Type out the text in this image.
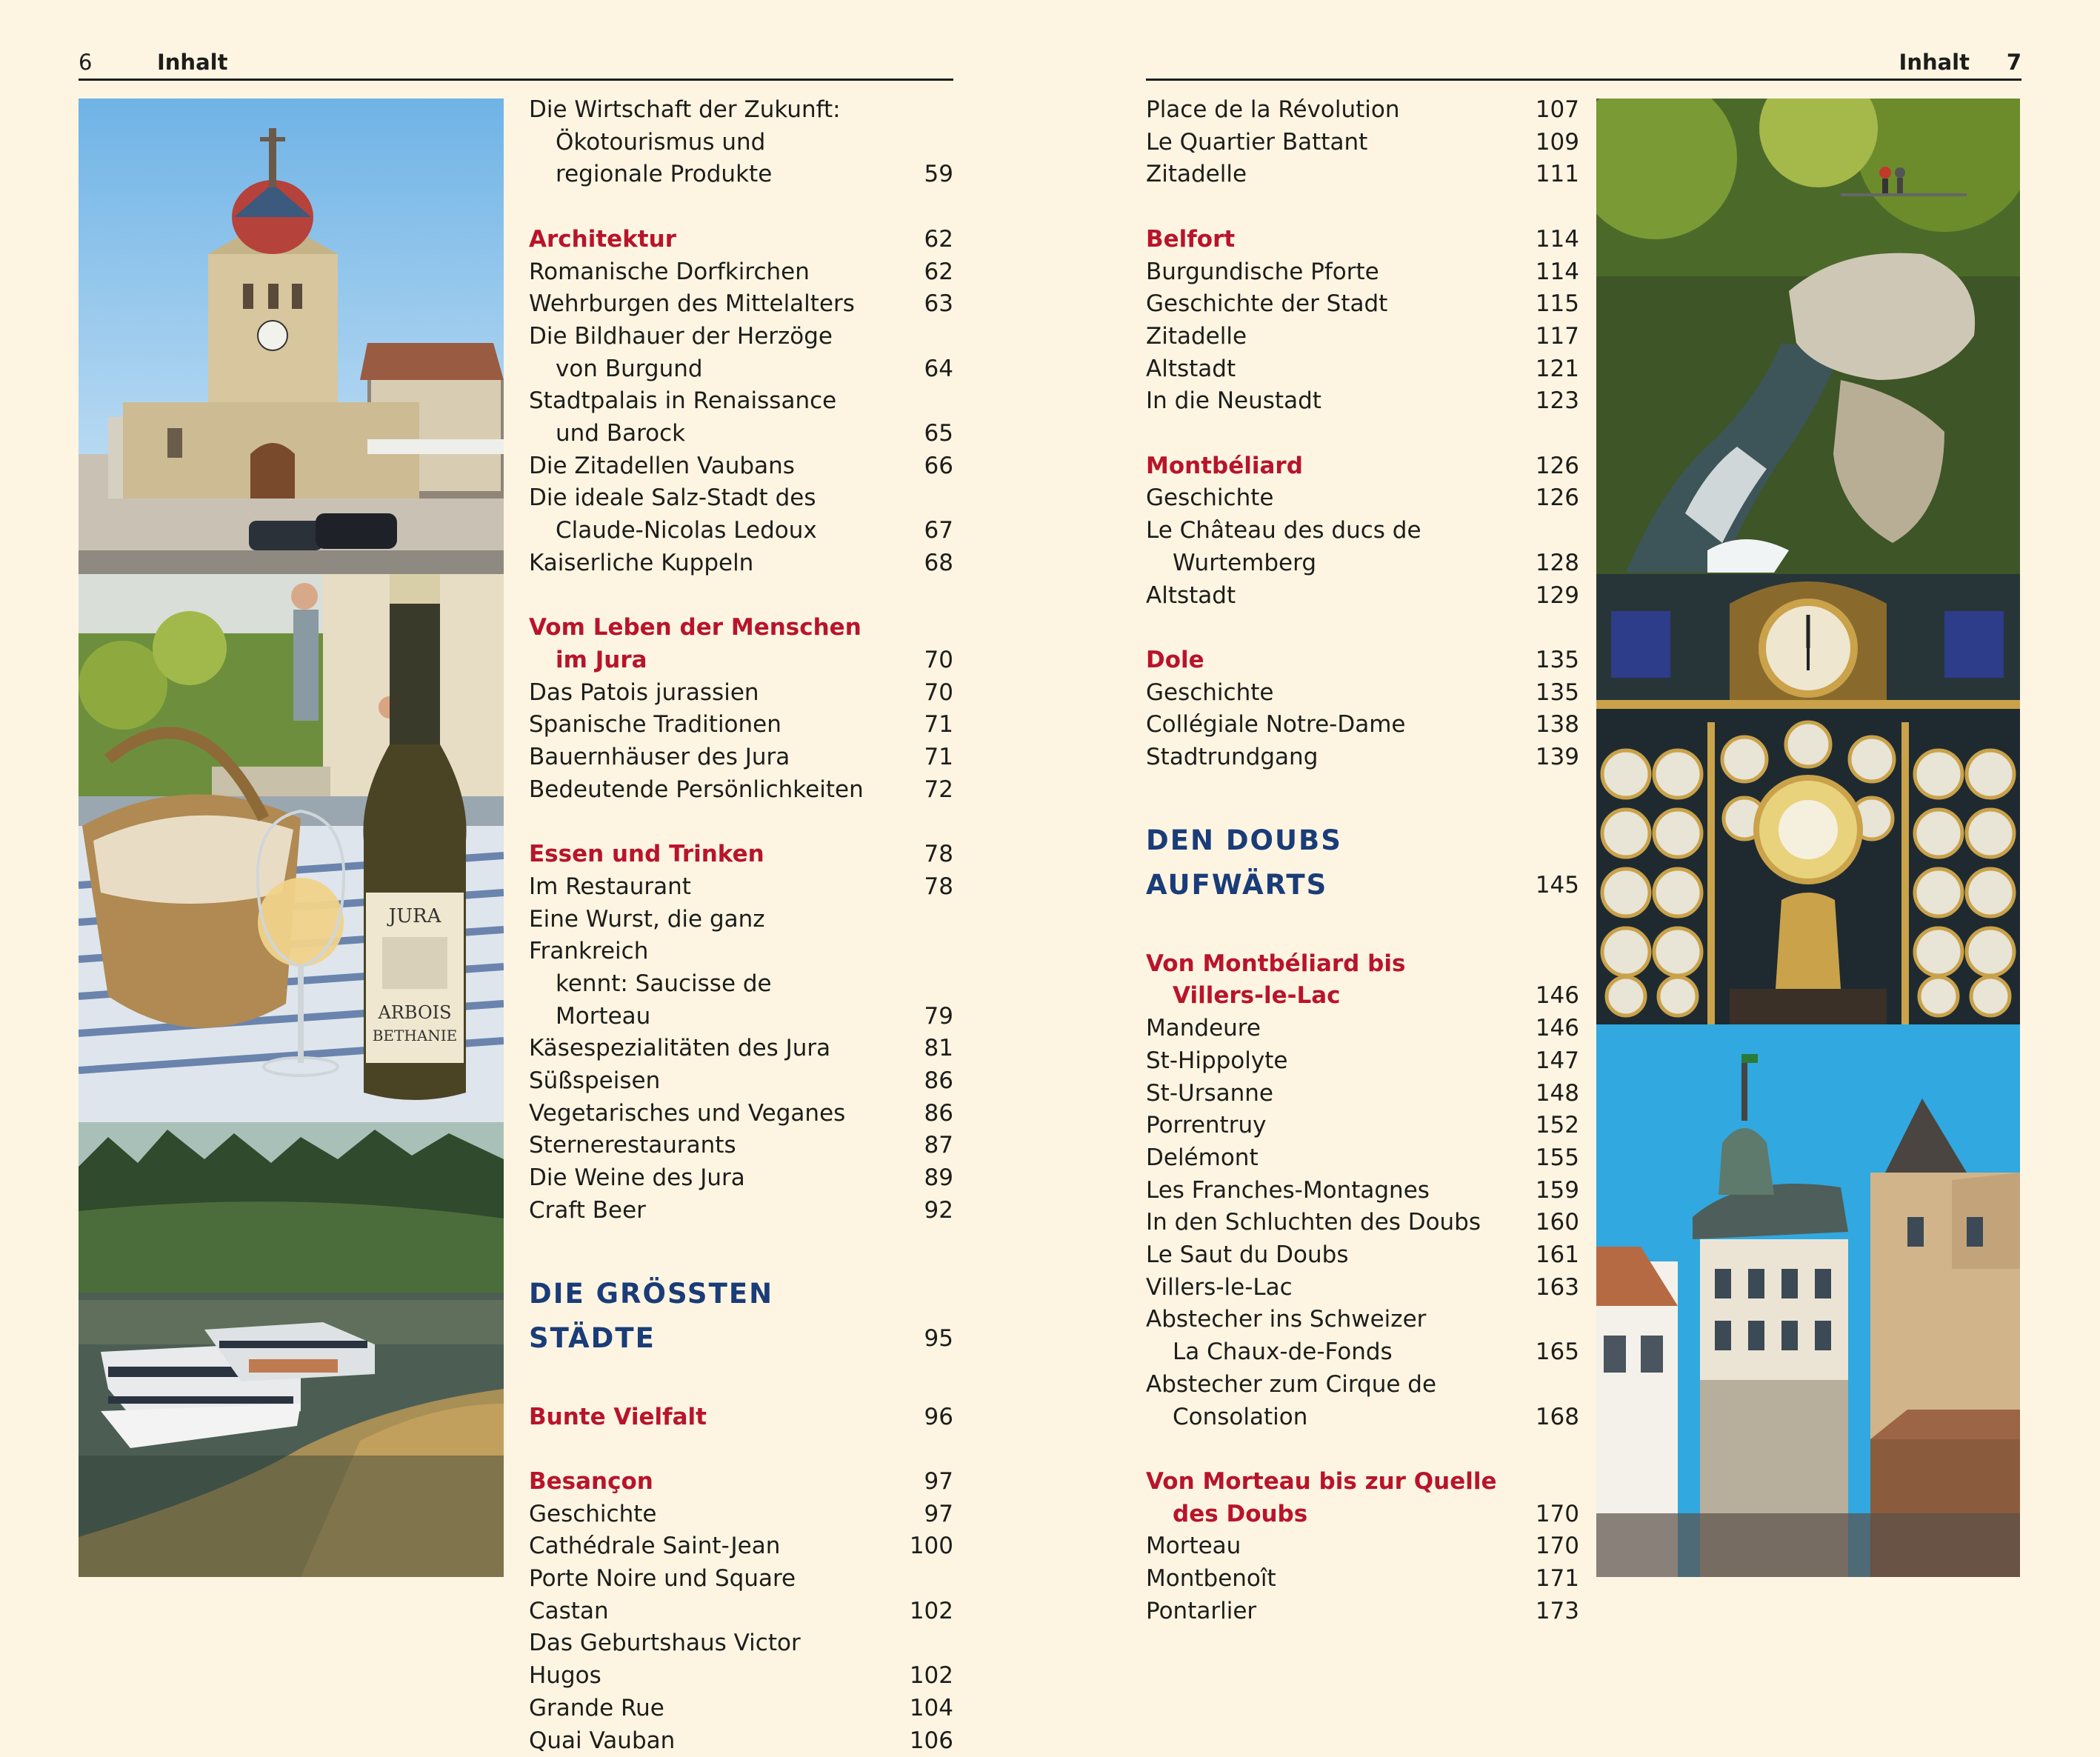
6	Inhalt
JURA
ARBOIS
BETHANIE
Die Wirtschaft der Zukunft:
Ökotourismus und
regionale Produkte	59
Architektur	62
Romanische Dorfkirchen	62
Wehrburgen des Mittelalters	63
Die Bildhauer der Herzöge
von Burgund	64
Stadtpalais in Renaissance
und Barock	65
Die Zitadellen Vaubans	66
Die ideale Salz-Stadt des
Claude-Nicolas Ledoux	67
Kaiserliche Kuppeln	68
Vom Leben der Menschen
im Jura	70
Das Patois jurassien	70
Spanische Traditionen	71
Bauernhäuser des Jura	71
Bedeutende Persönlichkeiten	72
Essen und Trinken	78
Im Restaurant	78
Eine Wurst, die ganz Frankreich
kennt: Saucisse de Morteau	79
Käsespezialitäten des Jura	81
Süßspeisen	86
Vegetarisches und Veganes	86
Sternerestaurants	87
Die Weine des Jura	89
Craft Beer	92
DIE GRÖSSTEN STÄDTE	95
Bunte Vielfalt	96
Besançon	97
Geschichte	97
Cathédrale Saint-Jean	100
Porte Noire und Square Castan	102
Das Geburtshaus Victor Hugos	102
Grande Rue	104
Quai Vauban	106
Inhalt 7
Place de la Révolution	107
Le Quartier Battant	109
Zitadelle	111
Belfort	114
Burgundische Pforte	114
Geschichte der Stadt	115
Zitadelle	117
Altstadt	121
In die Neustadt	123
Montbéliard	126
Geschichte	126
Le Château des ducs de
Wurtemberg	128
Altstadt	129
Dole	135
Geschichte	135
Collégiale Notre-Dame	138
Stadtrundgang	139
DEN DOUBS AUFWÄRTS	145
Von Montbéliard bis
Villers-le-Lac	146
Mandeure	146
St-Hippolyte	147
St-Ursanne	148
Porrentruy	152
Delémont	155
Les Franches-Montagnes	159
In den Schluchten des Doubs	160
Le Saut du Doubs	161
Villers-le-Lac	163
Abstecher ins Schweizer
La Chaux-de-Fonds	165
Abstecher zum Cirque de
Consolation	168
Von Morteau bis zur Quelle
des Doubs	170
Morteau	170
Montbenoît	171
Pontarlier	173
